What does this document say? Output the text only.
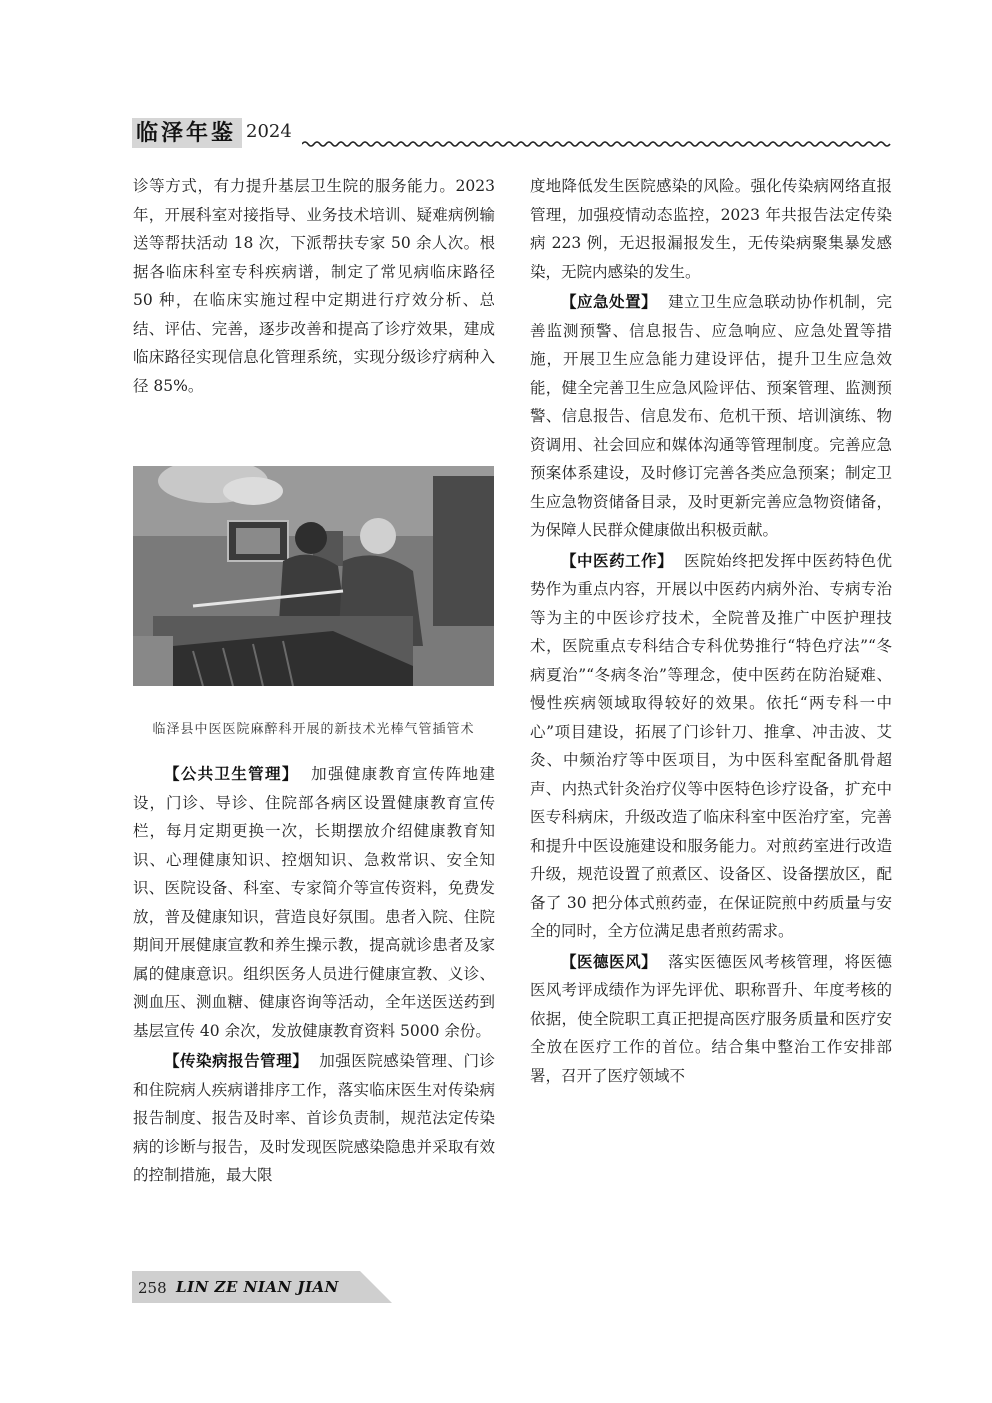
临泽年鉴 2024

诊等方式，有力提升基层卫生院的服务能力。2023 年，开展科室对接指导、业务技术培训、疑难病例输送等帮扶活动 18 次，下派帮扶专家 50 余人次。根据各临床科室专科疾病谱，制定了常见病临床路径 50 种，在临床实施过程中定期进行疗效分析、总结、评估、完善，逐步改善和提高了诊疗效果，建成临床路径实现信息化管理系统，实现分级诊疗病种入径 85%。

临泽县中医医院麻醉科开展的新技术光棒气管插管术

【公共卫生管理】 加强健康教育宣传阵地建设，门诊、导诊、住院部各病区设置健康教育宣传栏，每月定期更换一次，长期摆放介绍健康教育知识、心理健康知识、控烟知识、急救常识、安全知识、医院设备、科室、专家简介等宣传资料，免费发放，普及健康知识，营造良好氛围。患者入院、住院期间开展健康宣教和养生操示教，提高就诊患者及家属的健康意识。组织医务人员进行健康宣教、义诊、测血压、测血糖、健康咨询等活动，全年送医送药到基层宣传 40 余次，发放健康教育资料 5000 余份。

【传染病报告管理】 加强医院感染管理、门诊和住院病人疾病谱排序工作，落实临床医生对传染病报告制度、报告及时率、首诊负责制，规范法定传染病的诊断与报告，及时发现医院感染隐患并采取有效的控制措施，最大限

度地降低发生医院感染的风险。强化传染病网络直报管理，加强疫情动态监控，2023 年共报告法定传染病 223 例，无迟报漏报发生，无传染病聚集暴发感染，无院内感染的发生。

【应急处置】 建立卫生应急联动协作机制，完善监测预警、信息报告、应急响应、应急处置等措施，开展卫生应急能力建设评估，提升卫生应急效能，健全完善卫生应急风险评估、预案管理、监测预警、信息报告、信息发布、危机干预、培训演练、物资调用、社会回应和媒体沟通等管理制度。完善应急预案体系建设，及时修订完善各类应急预案；制定卫生应急物资储备目录，及时更新完善应急物资储备，为保障人民群众健康做出积极贡献。

【中医药工作】 医院始终把发挥中医药特色优势作为重点内容，开展以中医药内病外治、专病专治等为主的中医诊疗技术，全院普及推广中医护理技术，医院重点专科结合专科优势推行“特色疗法”“冬病夏治”“冬病冬治”等理念，使中医药在防治疑难、慢性疾病领域取得较好的效果。依托“两专科一中心”项目建设，拓展了门诊针刀、推拿、冲击波、艾灸、中频治疗等中医项目，为中医科室配备肌骨超声、内热式针灸治疗仪等中医特色诊疗设备，扩充中医专科病床，升级改造了临床科室中医治疗室，完善和提升中医设施建设和服务能力。对煎药室进行改造升级，规范设置了煎煮区、设备区、设备摆放区，配备了 30 把分体式煎药壶，在保证院煎中药质量与安全的同时，全方位满足患者煎药需求。

【医德医风】 落实医德医风考核管理，将医德医风考评成绩作为评先评优、职称晋升、年度考核的依据，使全院职工真正把提高医疗服务质量和医疗安全放在医疗工作的首位。结合集中整治工作安排部署，召开了医疗领域不

258 LIN ZE NIAN JIAN
